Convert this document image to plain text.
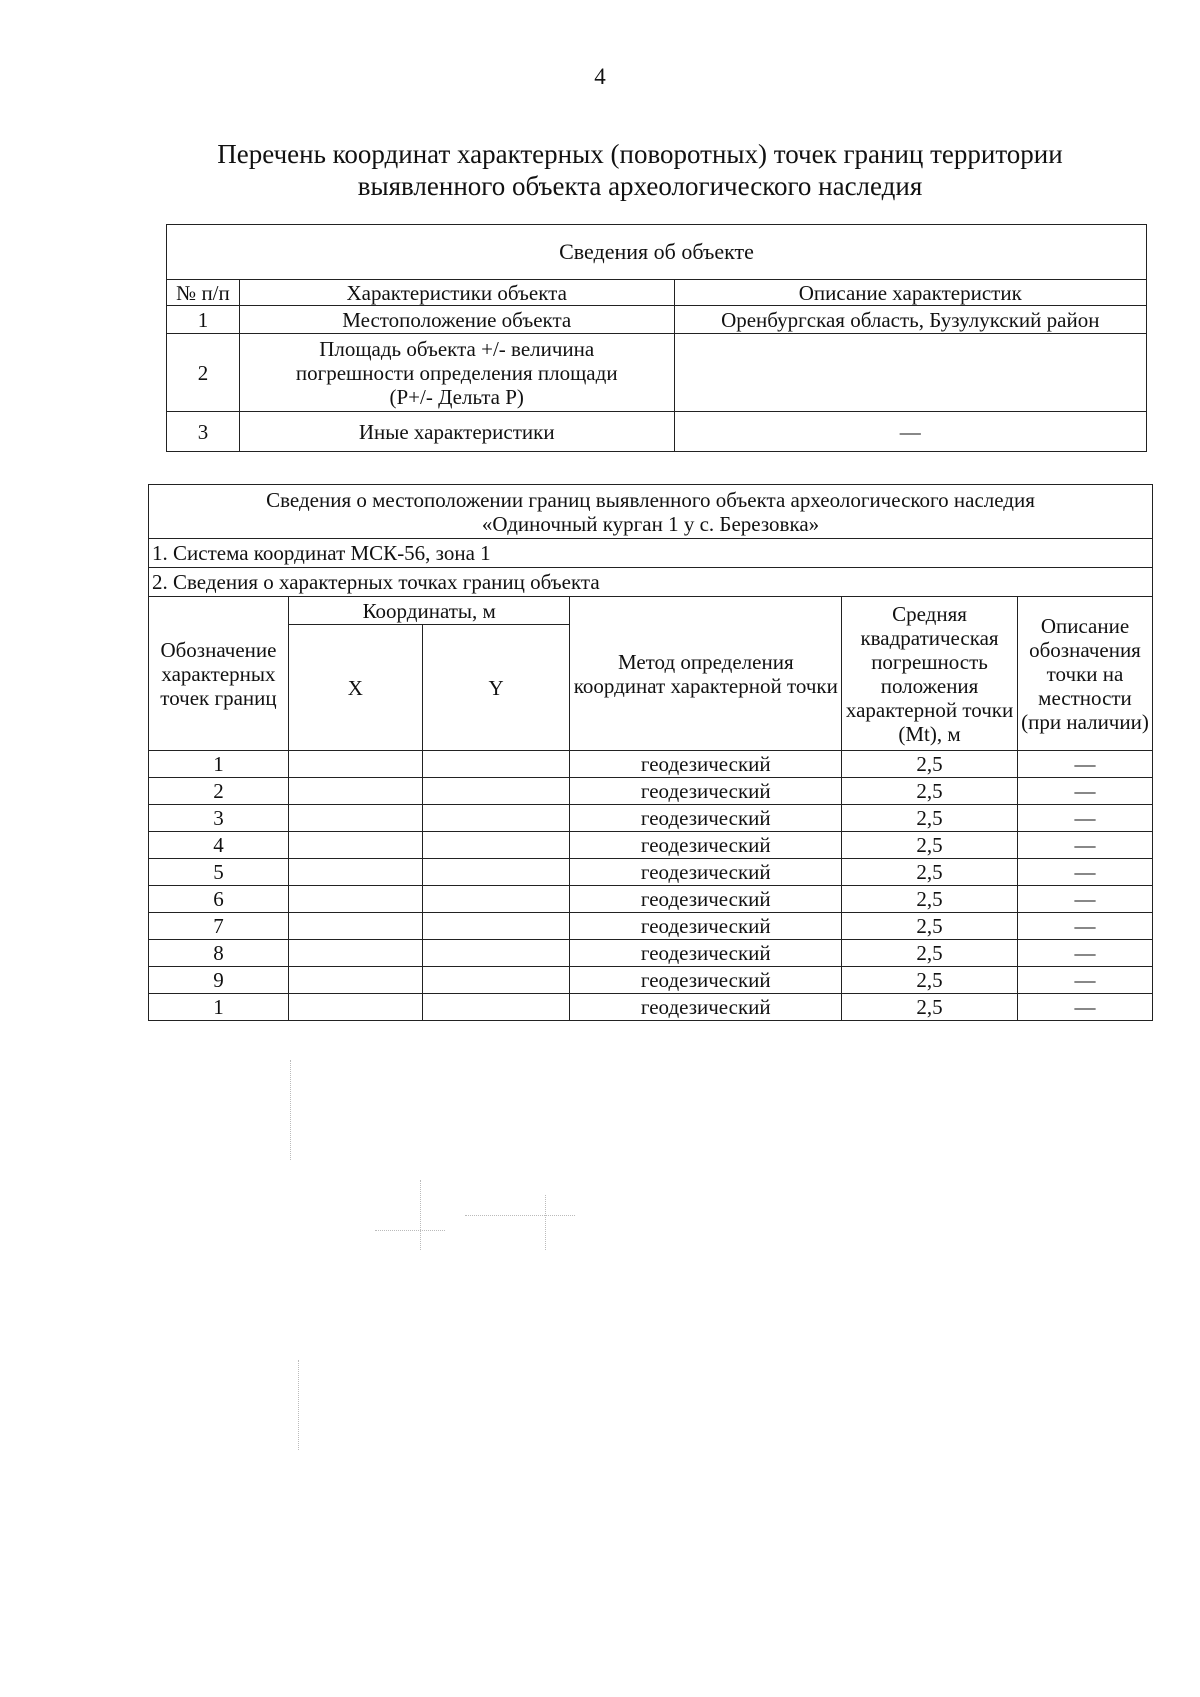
4
Перечень координат характерных (поворотных) точек границ территории
выявленного объекта археологического наследия
Сведения об объекте		
№ п/п	Характеристики объекта	Описание характеристик
1	Местоположение объекта	Оренбургская область, Бузулукский район
2	Площадь объекта +/- величина
погрешности определения площади
(Р+/- Дельта Р)	

3	Иные характеристики	—
Сведения о местоположении границ выявленного объекта археологического наследия
«Одиночный курган 1 у с. Березовка»					

1. Система координат МСК-56, зона 1					
2. Сведения о характерных точках границ объекта					
Обозначение характерных точек границ	Координаты, м		Метод определения координат характерной точки	Средняя квадратическая погрешность положения характерной точки (Mt), м	Описание обозначения точки на местности (при наличии)
	X	Y			
1			геодезический	2,5	—
2			геодезический	2,5	—
3			геодезический	2,5	—
4			геодезический	2,5	—
5			геодезический	2,5	—
6			геодезический	2,5	—
7			геодезический	2,5	—
8			геодезический	2,5	—
9			геодезический	2,5	—
1			геодезический	2,5	—
